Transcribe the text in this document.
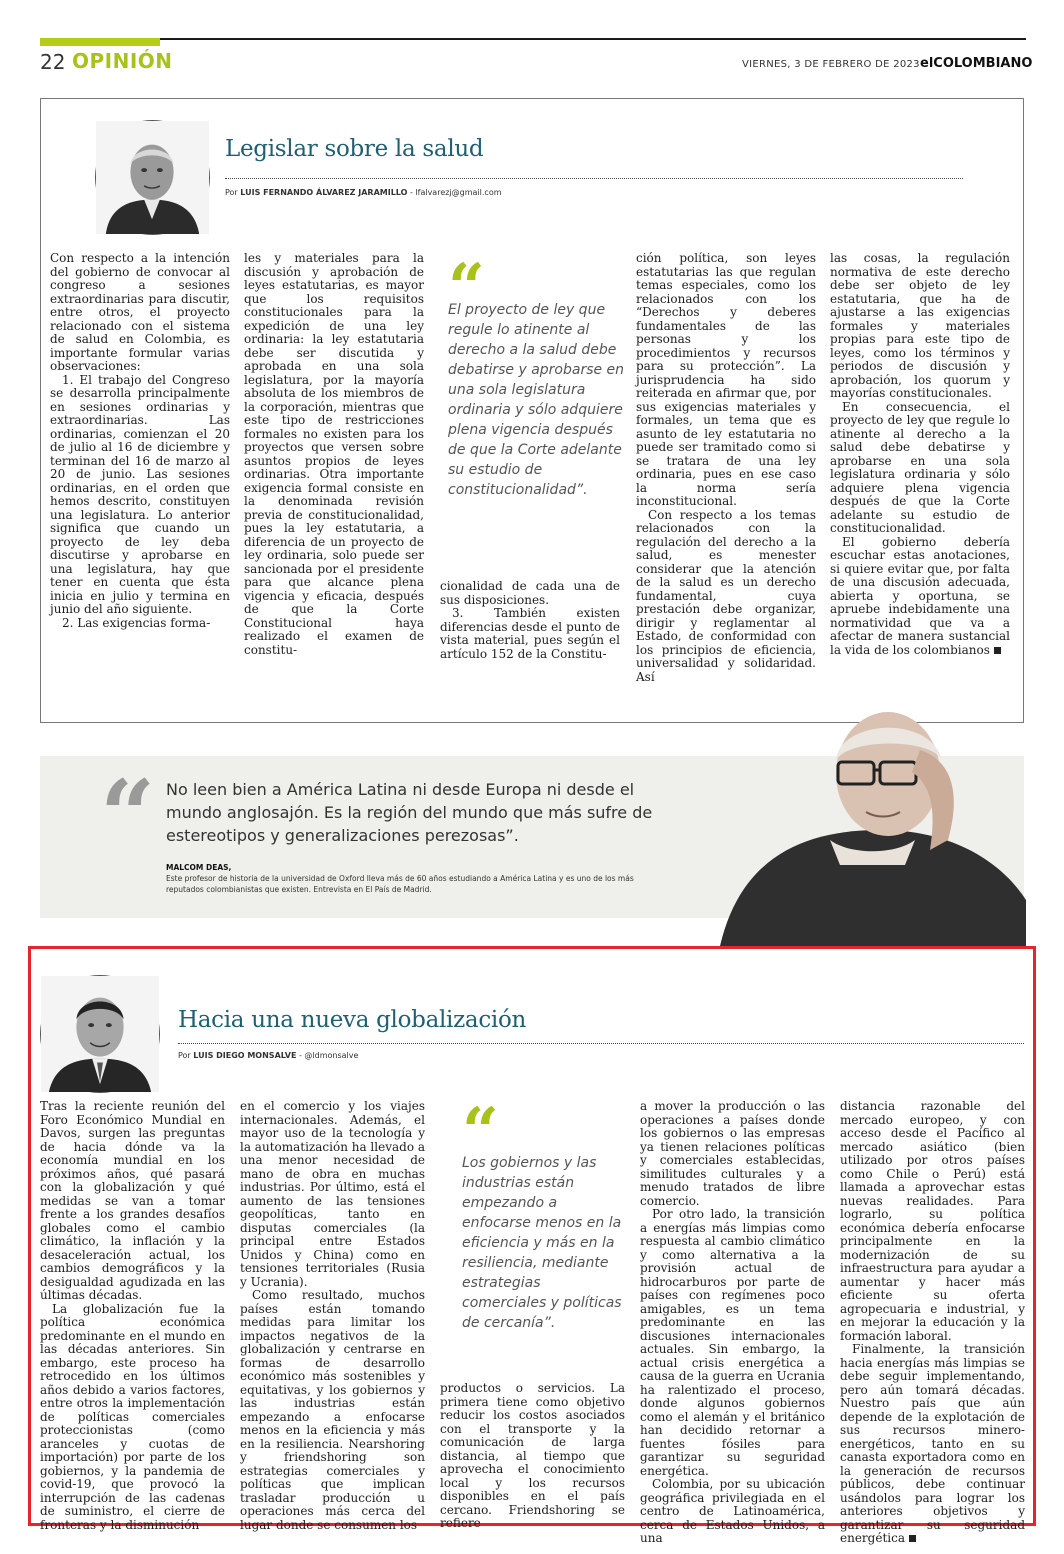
22 OPINIÓN	VIERNES, 3 DE FEBRERO DE 2023 elCOLOMBIANO
Legislar sobre la salud
Por LUIS FERNANDO ÁLVAREZ JARAMILLO - lfalvarezj@gmail.com

Con respecto a la intención del gobierno de convocar al congreso a sesiones extraordinarias para discutir, entre otros, el proyecto relacionado con el sistema de salud en Colombia, es importante formular varias observaciones:

1. El trabajo del Congreso se desarrolla principalmente en sesiones ordinarias y extraordinarias. Las ordinarias, comienzan el 20 de julio al 16 de diciembre y terminan del 16 de marzo al 20 de junio. Las sesiones ordinarias, en el orden que hemos descrito, constituyen una legislatura. Lo anterior significa que cuando un proyecto de ley deba discutirse y aprobarse en una legislatura, hay que tener en cuenta que ésta inicia en julio y termina en junio del año siguiente.

2. Las exigencias forma-

les y materiales para la discusión y aprobación de leyes estatutarias, es mayor que los requisitos constitucionales para la expedición de una ley ordinaria: la ley estatutaria debe ser discutida y aprobada en una sola legislatura, por la mayoría absoluta de los miembros de la corporación, mientras que este tipo de restricciones formales no existen para los proyectos que versen sobre asuntos propios de leyes ordinarias. Otra importante exigencia formal consiste en la denominada revisión previa de constitucionalidad, pues la ley estatutaria, a diferencia de un proyecto de ley ordinaria, solo puede ser sancionada por el presidente para que alcance plena vigencia y eficacia, después de que la Corte Constitucional haya realizado el examen de constitu-

“
El proyecto de ley que regule lo atinente al derecho a la salud debe debatirse y aprobarse en una sola legislatura ordinaria y sólo adquiere plena vigencia después de que la Corte adelante su estudio de constitucionalidad”.

cionalidad de cada una de sus disposiciones.

3. También existen diferencias desde el punto de vista material, pues según el artículo 152 de la Constitu-

ción política, son leyes estatutarias las que regulan temas especiales, como los relacionados con los “Derechos y deberes fundamentales de las personas y los procedimientos y recursos para su protección”. La jurisprudencia ha sido reiterada en afirmar que, por sus exigencias materiales y formales, un tema que es asunto de ley estatutaria no puede ser tramitado como si se tratara de una ley ordinaria, pues en ese caso la norma sería inconstitucional.

Con respecto a los temas relacionados con la regulación del derecho a la salud, es menester considerar que la atención de la salud es un derecho fundamental, cuya prestación debe organizar, dirigir y reglamentar al Estado, de conformidad con los principios de eficiencia, universalidad y solidaridad. Así

las cosas, la regulación normativa de este derecho debe ser objeto de ley estatutaria, que ha de ajustarse a las exigencias formales y materiales propias para este tipo de leyes, como los términos y periodos de discusión y aprobación, los quorum y mayorías constitucionales.

En consecuencia, el proyecto de ley que regule lo atinente al derecho a la salud debe debatirse y aprobarse en una sola legislatura ordinaria y sólo adquiere plena vigencia después de que la Corte adelante su estudio de constitucionalidad.

El gobierno debería escuchar estas anotaciones, si quiere evitar que, por falta de una discusión adecuada, abierta y oportuna, se apruebe indebidamente una normatividad que va a afectar de manera sustancial la vida de los colombianos

“ No leen bien a América Latina ni desde Europa ni desde el mundo anglosajón. Es la región del mundo que más sufre de estereotipos y generalizaciones perezosas”.
MALCOM DEAS,
Este profesor de historia de la universidad de Oxford lleva más de 60 años estudiando a América Latina y es uno de los más reputados colombianistas que existen. Entrevista en El País de Madrid.
Hacia una nueva globalización
Por LUIS DIEGO MONSALVE - @ldmonsalve

Tras la reciente reunión del Foro Económico Mundial en Davos, surgen las preguntas de hacia dónde va la economía mundial en los próximos años, qué pasará con la globalización y qué medidas se van a tomar frente a los grandes desafíos globales como el cambio climático, la inflación y la desaceleración actual, los cambios demográficos y la desigualdad agudizada en las últimas décadas.

La globalización fue la política económica predominante en el mundo en las décadas anteriores. Sin embargo, este proceso ha retrocedido en los últimos años debido a varios factores, entre otros la implementación de políticas comerciales proteccionistas (como aranceles y cuotas de importación) por parte de los gobiernos, y la pandemia de covid-19, que provocó la interrupción de las cadenas de suministro, el cierre de fronteras y la disminución

en el comercio y los viajes internacionales. Además, el mayor uso de la tecnología y la automatización ha llevado a una menor necesidad de mano de obra en muchas industrias. Por último, está el aumento de las tensiones geopolíticas, tanto en disputas comerciales (la principal entre Estados Unidos y China) como en tensiones territoriales (Rusia y Ucrania).

Como resultado, muchos países están tomando medidas para limitar los impactos negativos de la globalización y centrarse en formas de desarrollo económico más sostenibles y equitativas, y los gobiernos y las industrias están empezando a enfocarse menos en la eficiencia y más en la resiliencia. Nearshoring y friendshoring son estrategias comerciales y políticas que implican trasladar producción u operaciones más cerca del lugar donde se consumen los

“
Los gobiernos y las industrias están empezando a enfocarse menos en la eficiencia y más en la resiliencia, mediante estrategias comerciales y políticas de cercanía”.

productos o servicios. La primera tiene como objetivo reducir los costos asociados con el transporte y la comunicación de larga distancia, al tiempo que aprovecha el conocimiento local y los recursos disponibles en el país cercano. Friendshoring se refiere

a mover la producción o las operaciones a países donde los gobiernos o las empresas ya tienen relaciones políticas y comerciales establecidas, similitudes culturales y a menudo tratados de libre comercio.

Por otro lado, la transición a energías más limpias como respuesta al cambio climático y como alternativa a la provisión actual de hidrocarburos por parte de países con regímenes poco amigables, es un tema predominante en las discusiones internacionales actuales. Sin embargo, la actual crisis energética a causa de la guerra en Ucrania ha ralentizado el proceso, donde algunos gobiernos como el alemán y el británico han decidido retornar a fuentes fósiles para garantizar su seguridad energética.

Colombia, por su ubicación geográfica privilegiada en el centro de Latinoamérica, cerca de Estados Unidos, a una

distancia razonable del mercado europeo, y con acceso desde el Pacífico al mercado asiático (bien utilizado por otros países como Chile o Perú) está llamada a aprovechar estas nuevas realidades. Para lograrlo, su política económica debería enfocarse principalmente en la modernización de su infraestructura para ayudar a aumentar y hacer más eficiente su oferta agropecuaria e industrial, y en mejorar la educación y la formación laboral.

Finalmente, la transición hacia energías más limpias se debe seguir implementando, pero aún tomará décadas. Nuestro país que aún depende de la explotación de sus recursos minero-energéticos, tanto en su canasta exportadora como en la generación de recursos públicos, debe continuar usándolos para lograr los anteriores objetivos y garantizar su seguridad energética
